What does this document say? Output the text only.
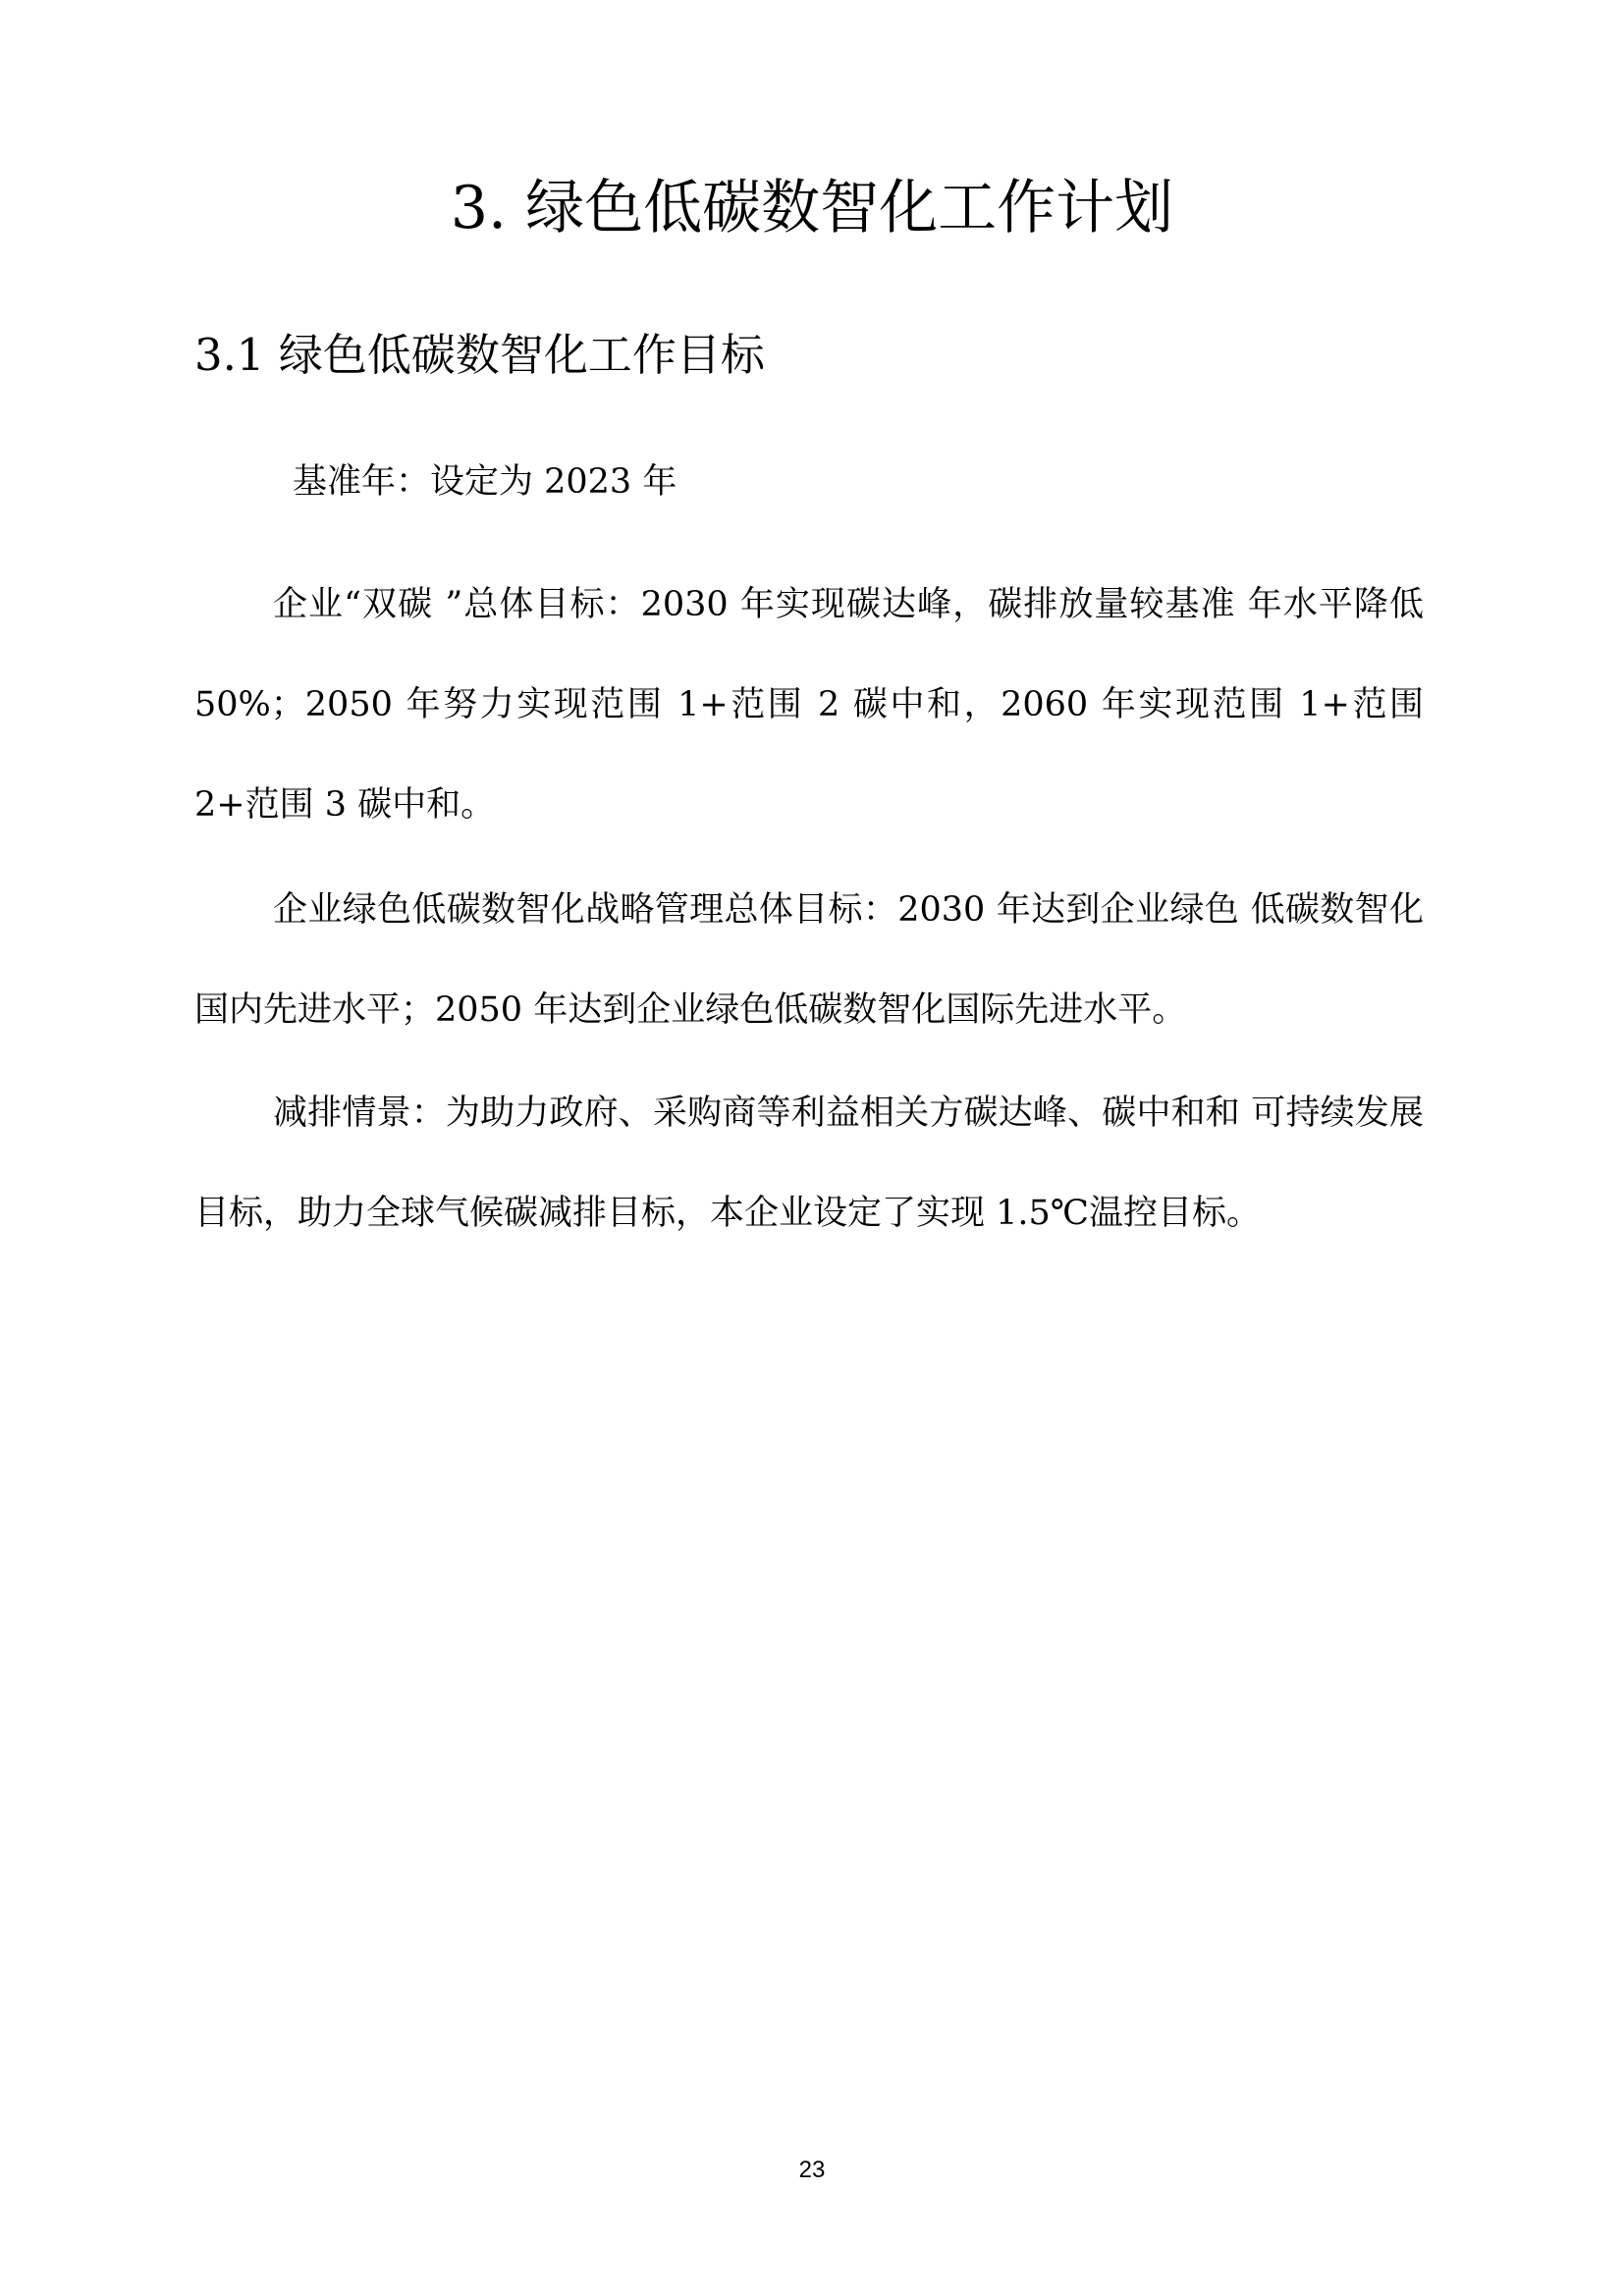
3. 绿色低碳数智化工作计划
3.1 绿色低碳数智化工作目标

基准年：设定为 2023 年

企业“双碳 ”总体目标：2030 年实现碳达峰，碳排放量较基准 年水平降低 50%；2050 年努力实现范围 1+范围 2 碳中和，2060 年实现范围 1+范围 2+范围 3 碳中和。

企业绿色低碳数智化战略管理总体目标：2030 年达到企业绿色 低碳数智化国内先进水平；2050 年达到企业绿色低碳数智化国际先进水平。

减排情景：为助力政府、采购商等利益相关方碳达峰、碳中和和 可持续发展目标，助力全球气候碳减排目标，本企业设定了实现 1.5℃温控目标。

23
